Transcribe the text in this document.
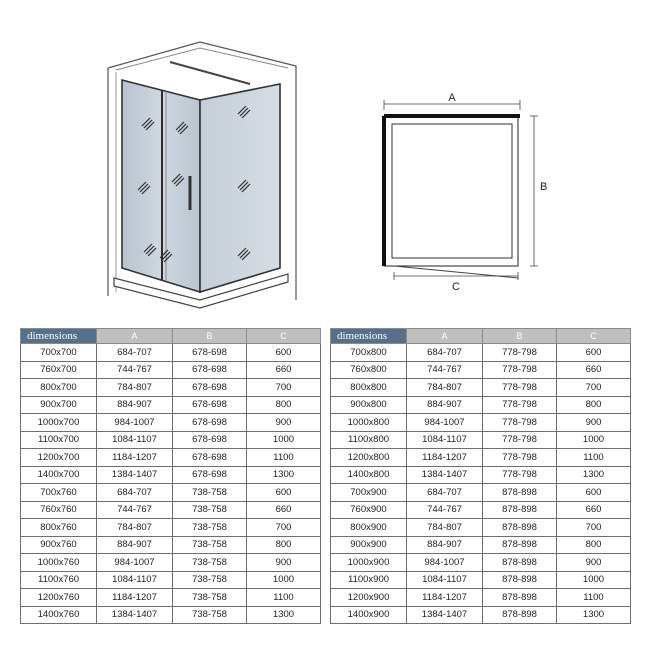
A
B
C
dimensions	A	B	C
700x700	684-707	678-698	600
760x700	744-767	678-698	660
800x700	784-807	678-698	700
900x700	884-907	678-698	800
1000x700	984-1007	678-698	900
1100x700	1084-1107	678-698	1000
1200x700	1184-1207	678-698	1100
1400x700	1384-1407	678-698	1300
700x760	684-707	738-758	600
760x760	744-767	738-758	660
800x760	784-807	738-758	700
900x760	884-907	738-758	800
1000x760	984-1007	738-758	900
1100x760	1084-1107	738-758	1000
1200x760	1184-1207	738-758	1100
1400x760	1384-1407	738-758	1300
dimensions	A	B	C
700x800	684-707	778-798	600
760x800	744-767	778-798	660
800x800	784-807	778-798	700
900x800	884-907	778-798	800
1000x800	984-1007	778-798	900
1100x800	1084-1107	778-798	1000
1200x800	1184-1207	778-798	1100
1400x800	1384-1407	778-798	1300
700x900	684-707	878-898	600
760x900	744-767	878-898	660
800x900	784-807	878-898	700
900x900	884-907	878-898	800
1000x900	984-1007	878-898	900
1100x900	1084-1107	878-898	1000
1200x900	1184-1207	878-898	1100
1400x900	1384-1407	878-898	1300
